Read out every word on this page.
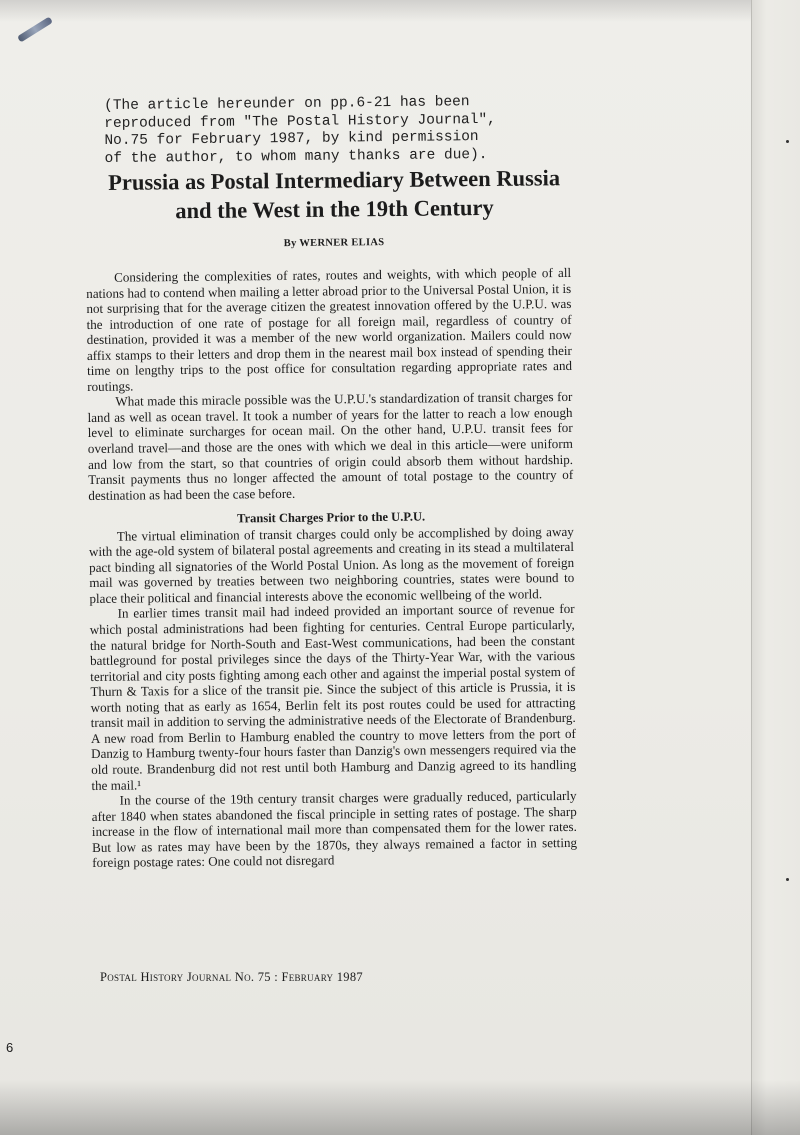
(The article hereunder on pp.6-21 has been
reproduced from "The Postal History Journal",
No.75 for February 1987, by kind permission
of the author, to whom many thanks are due).
Prussia as Postal Intermediary Between Russia and the West in the 19th Century

By WERNER ELIAS

Considering the complexities of rates, routes and weights, with which people of all nations had to contend when mailing a letter abroad prior to the Universal Postal Union, it is not surprising that for the average citizen the greatest innovation offered by the U.P.U. was the introduction of one rate of postage for all foreign mail, regardless of country of destination, provided it was a member of the new world organization. Mailers could now affix stamps to their letters and drop them in the nearest mail box instead of spending their time on lengthy trips to the post office for consultation regarding appropriate rates and routings.

What made this miracle possible was the U.P.U.'s standardization of transit charges for land as well as ocean travel. It took a number of years for the latter to reach a low enough level to eliminate surcharges for ocean mail. On the other hand, U.P.U. transit fees for overland travel—and those are the ones with which we deal in this article—were uniform and low from the start, so that countries of origin could absorb them without hardship. Transit payments thus no longer affected the amount of total postage to the country of destination as had been the case before.

Transit Charges Prior to the U.P.U.

The virtual elimination of transit charges could only be accomplished by doing away with the age-old system of bilateral postal agreements and creating in its stead a multilateral pact binding all signatories of the World Postal Union. As long as the movement of foreign mail was governed by treaties between two neighboring countries, states were bound to place their political and financial interests above the economic wellbeing of the world.

In earlier times transit mail had indeed provided an important source of revenue for which postal administrations had been fighting for centuries. Central Europe particularly, the natural bridge for North-South and East-West communications, had been the constant battleground for postal privileges since the days of the Thirty-Year War, with the various territorial and city posts fighting among each other and against the imperial postal system of Thurn & Taxis for a slice of the transit pie. Since the subject of this article is Prussia, it is worth noting that as early as 1654, Berlin felt its post routes could be used for attracting transit mail in addition to serving the administrative needs of the Electorate of Brandenburg. A new road from Berlin to Hamburg enabled the country to move letters from the port of Danzig to Hamburg twenty-four hours faster than Danzig's own messengers required via the old route. Brandenburg did not rest until both Hamburg and Danzig agreed to its handling the mail.¹

In the course of the 19th century transit charges were gradually reduced, particularly after 1840 when states abandoned the fiscal principle in setting rates of postage. The sharp increase in the flow of international mail more than compensated them for the lower rates. But low as rates may have been by the 1870s, they always remained a factor in setting foreign postage rates: One could not disregard

Postal History Journal No. 75 : February 1987

6
